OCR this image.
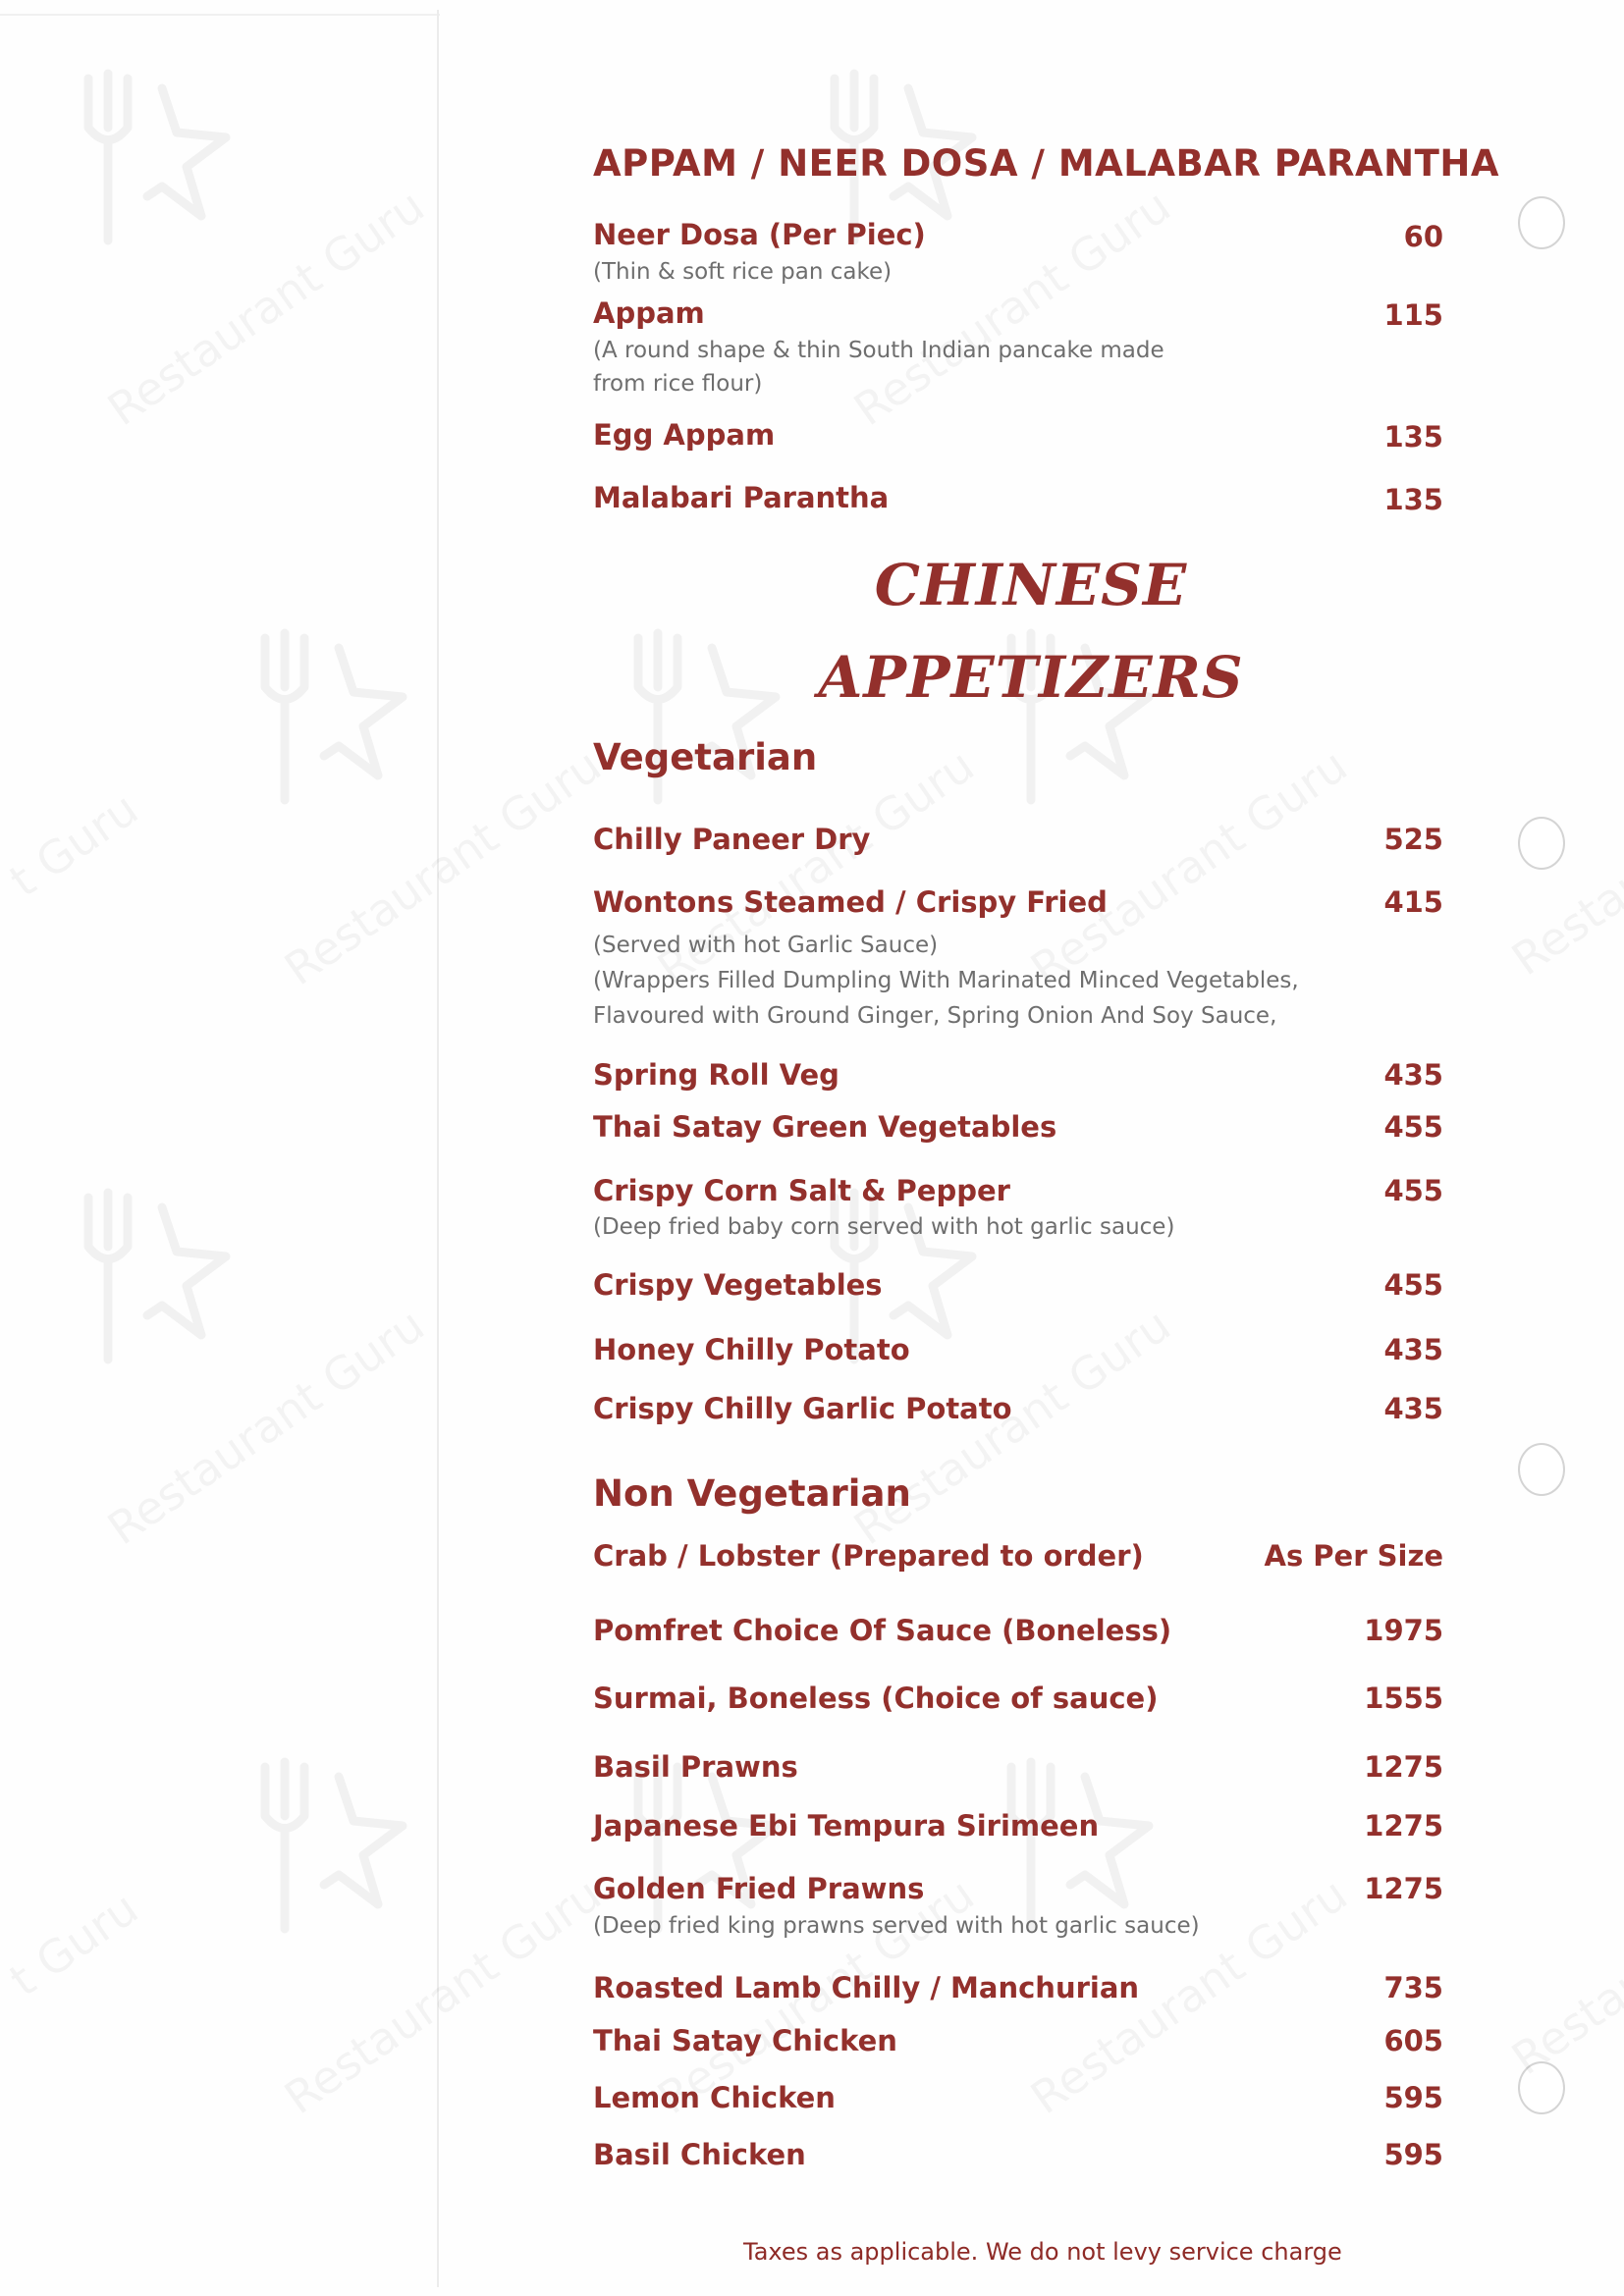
APPAM / NEER DOSA / MALABAR PARANTHA
Neer Dosa (Per Piec)	60
(Thin & soft rice pan cake)
Appam	115
(A round shape & thin South Indian pancake made
from rice flour)
Egg Appam	135
Malabari Parantha	135
CHINESE
APPETIZERS
Vegetarian
Chilly Paneer Dry	525
Wontons Steamed / Crispy Fried	415
(Served with hot Garlic Sauce)
(Wrappers Filled Dumpling With Marinated Minced Vegetables,
Flavoured with Ground Ginger, Spring Onion And Soy Sauce,
Spring Roll Veg	435
Thai Satay Green Vegetables	455
Crispy Corn Salt & Pepper	455
(Deep fried baby corn served with hot garlic sauce)
Crispy Vegetables	455
Honey Chilly Potato	435
Crispy Chilly Garlic Potato	435
Non Vegetarian
Crab / Lobster (Prepared to order)	As Per Size
Pomfret Choice Of Sauce (Boneless)	1975
Surmai, Boneless (Choice of sauce)	1555
Basil Prawns	1275
Japanese Ebi Tempura Sirimeen	1275
Golden Fried Prawns	1275
(Deep fried king prawns served with hot garlic sauce)
Roasted Lamb Chilly / Manchurian	735
Thai Satay Chicken	605
Lemon Chicken	595
Basil Chicken	595
Taxes as applicable. We do not levy service charge
